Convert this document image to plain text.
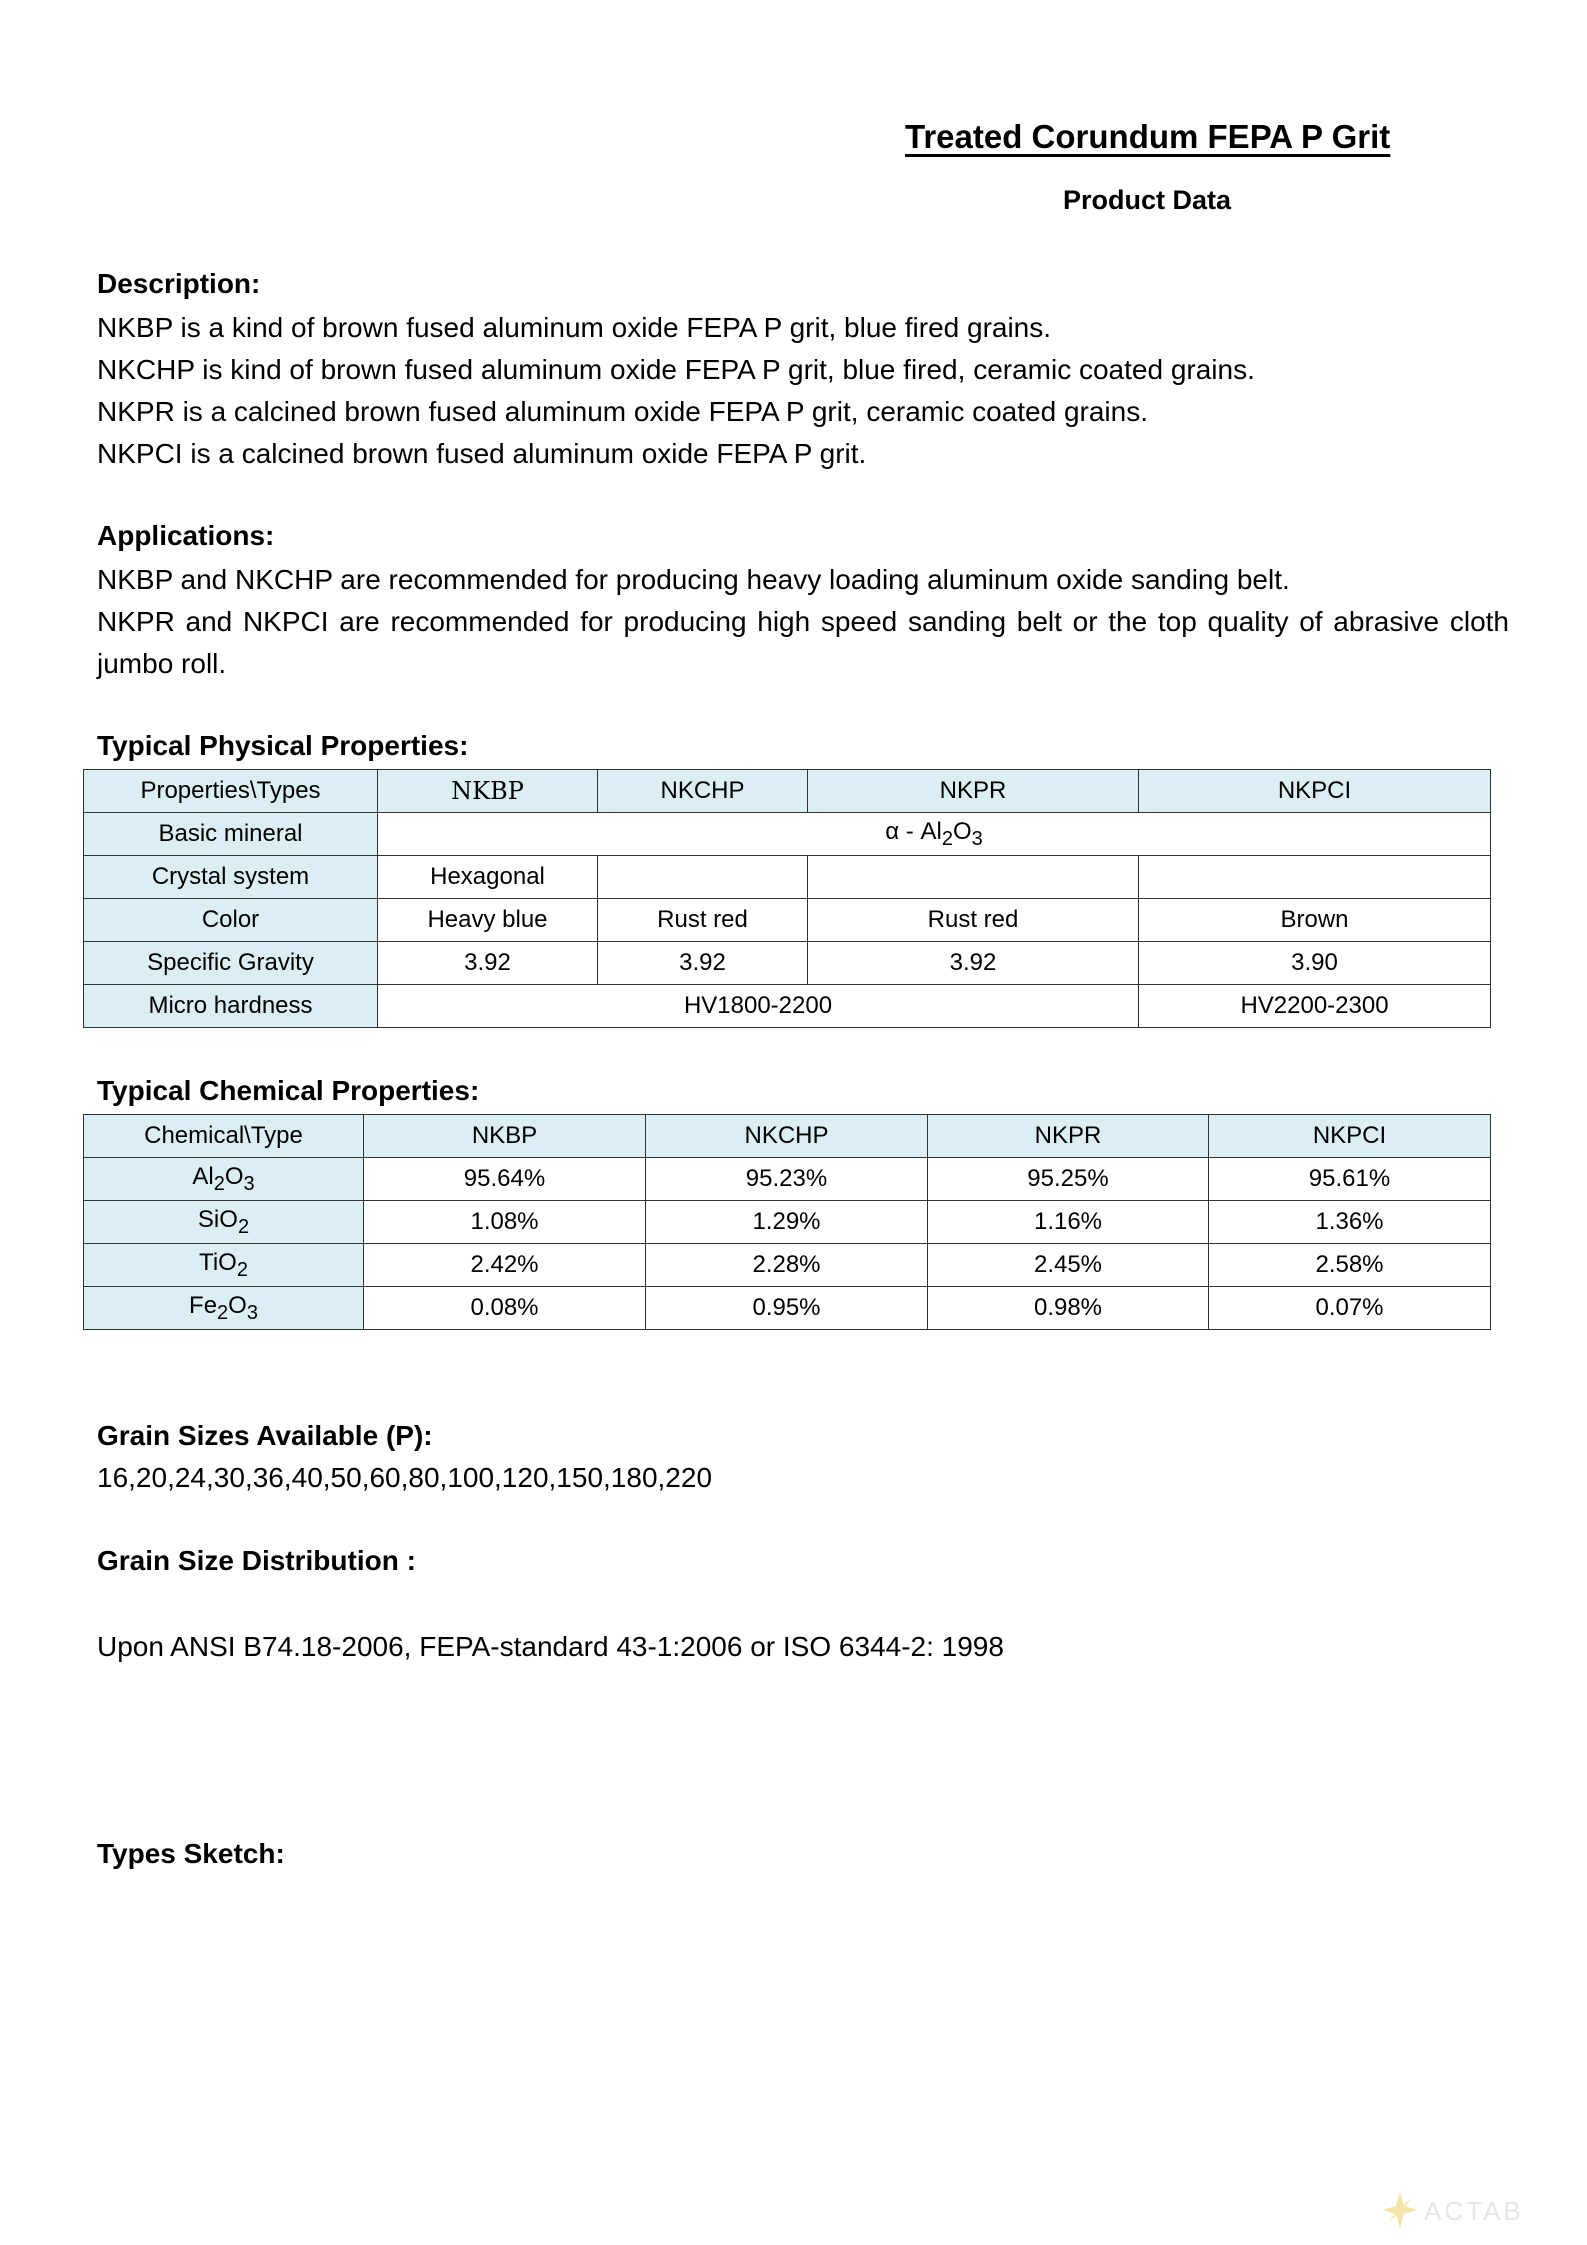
Treated Corundum FEPA P Grit
Product Data
Description:
NKBP is a kind of brown fused aluminum oxide FEPA P grit, blue fired grains.
NKCHP is kind of brown fused aluminum oxide FEPA P grit, blue fired, ceramic coated grains.
NKPR is a calcined brown fused aluminum oxide FEPA P grit, ceramic coated grains.
NKPCI is a calcined brown fused aluminum oxide FEPA P grit.
Applications:
NKBP and NKCHP are recommended for producing heavy loading aluminum oxide sanding belt.
NKPR and NKPCI are recommended for producing high speed sanding belt or the top quality of abrasive cloth jumbo roll.
Typical Physical Properties:
Properties\Types	NKBP	NKCHP	NKPR	NKPCI
Basic mineral	α - $Al_2O_3$
Crystal system	Hexagonal			
Color	Heavy blue	Rust red	Rust red	Brown
Specific Gravity	3.92	3.92	3.92	3.90
Micro hardness	HV1800-2200			HV2200-2300
Typical Chemical Properties:
Chemical\Type	NKBP	NKCHP	NKPR	NKPCI
$Al_2O_3$	95.64%	95.23%	95.25%	95.61%
SiO$_2$	1.08%	1.29%	1.16%	1.36%
TiO$_2$	2.42%	2.28%	2.45%	2.58%
$Fe_2O_3$	0.08%	0.95%	0.98%	0.07%
Grain Sizes Available (P):
16,20,24,30,36,40,50,60,80,100,120,150,180,220
Grain Size Distribution :
Upon ANSI B74.18-2006, FEPA-standard 43-1:2006 or ISO 6344-2: 1998
Types Sketch:
ACTAB
